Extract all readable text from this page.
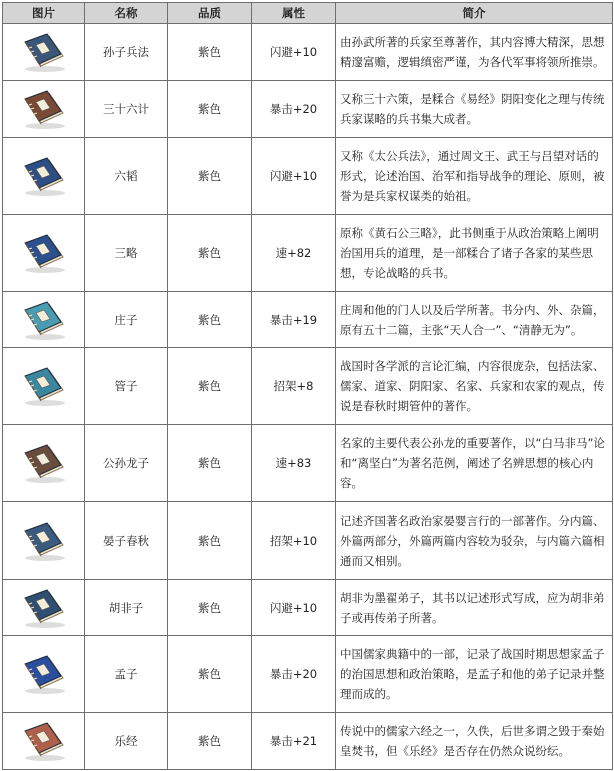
图片	名称	品质	属性	简介

	孙子兵法	紫色	闪避+10	由孙武所著的兵家至尊著作，其内容博大精深，思想精邃富赡，逻辑缜密严谨，为各代军事将领所推崇。

	三十六计	紫色	暴击+20	又称三十六策，是糅合《易经》阴阳变化之理与传统兵家谋略的兵书集大成者。

	六韬	紫色	闪避+10	又称《太公兵法》，通过周文王、武王与吕望对话的形式，论述治国、治军和指导战争的理论、原则，被誉为是兵家权谋类的始祖。

	三略	紫色	速+82	原称《黄石公三略》，此书侧重于从政治策略上阐明治国用兵的道理，是一部糅合了诸子各家的某些思想，专论战略的兵书。

	庄子	紫色	暴击+19	庄周和他的门人以及后学所著。书分内、外、杂篇，原有五十二篇，主张“天人合一”、“清静无为”。

	管子	紫色	招架+8	战国时各学派的言论汇编，内容很庞杂，包括法家、儒家、道家、阴阳家、名家、兵家和农家的观点，传说是春秋时期管仲的著作。

	公孙龙子	紫色	速+83	名家的主要代表公孙龙的重要著作，以“白马非马”论和“离坚白”为著名范例，阐述了名辨思想的核心内容。

	晏子春秋	紫色	招架+10	记述齐国著名政治家晏婴言行的一部著作。分内篇、外篇两部分，外篇两篇内容较为驳杂，与内篇六篇相通而又相别。

	胡非子	紫色	闪避+10	胡非为墨翟弟子，其书以记述形式写成，应为胡非弟子或再传弟子所著。

	孟子	紫色	暴击+20	中国儒家典籍中的一部，记录了战国时期思想家孟子的治国思想和政治策略，是孟子和他的弟子记录并整理而成的。

	乐经	紫色	暴击+21	传说中的儒家六经之一，久佚，后世多谓之毁于秦始皇焚书，但《乐经》是否存在仍然众说纷纭。
